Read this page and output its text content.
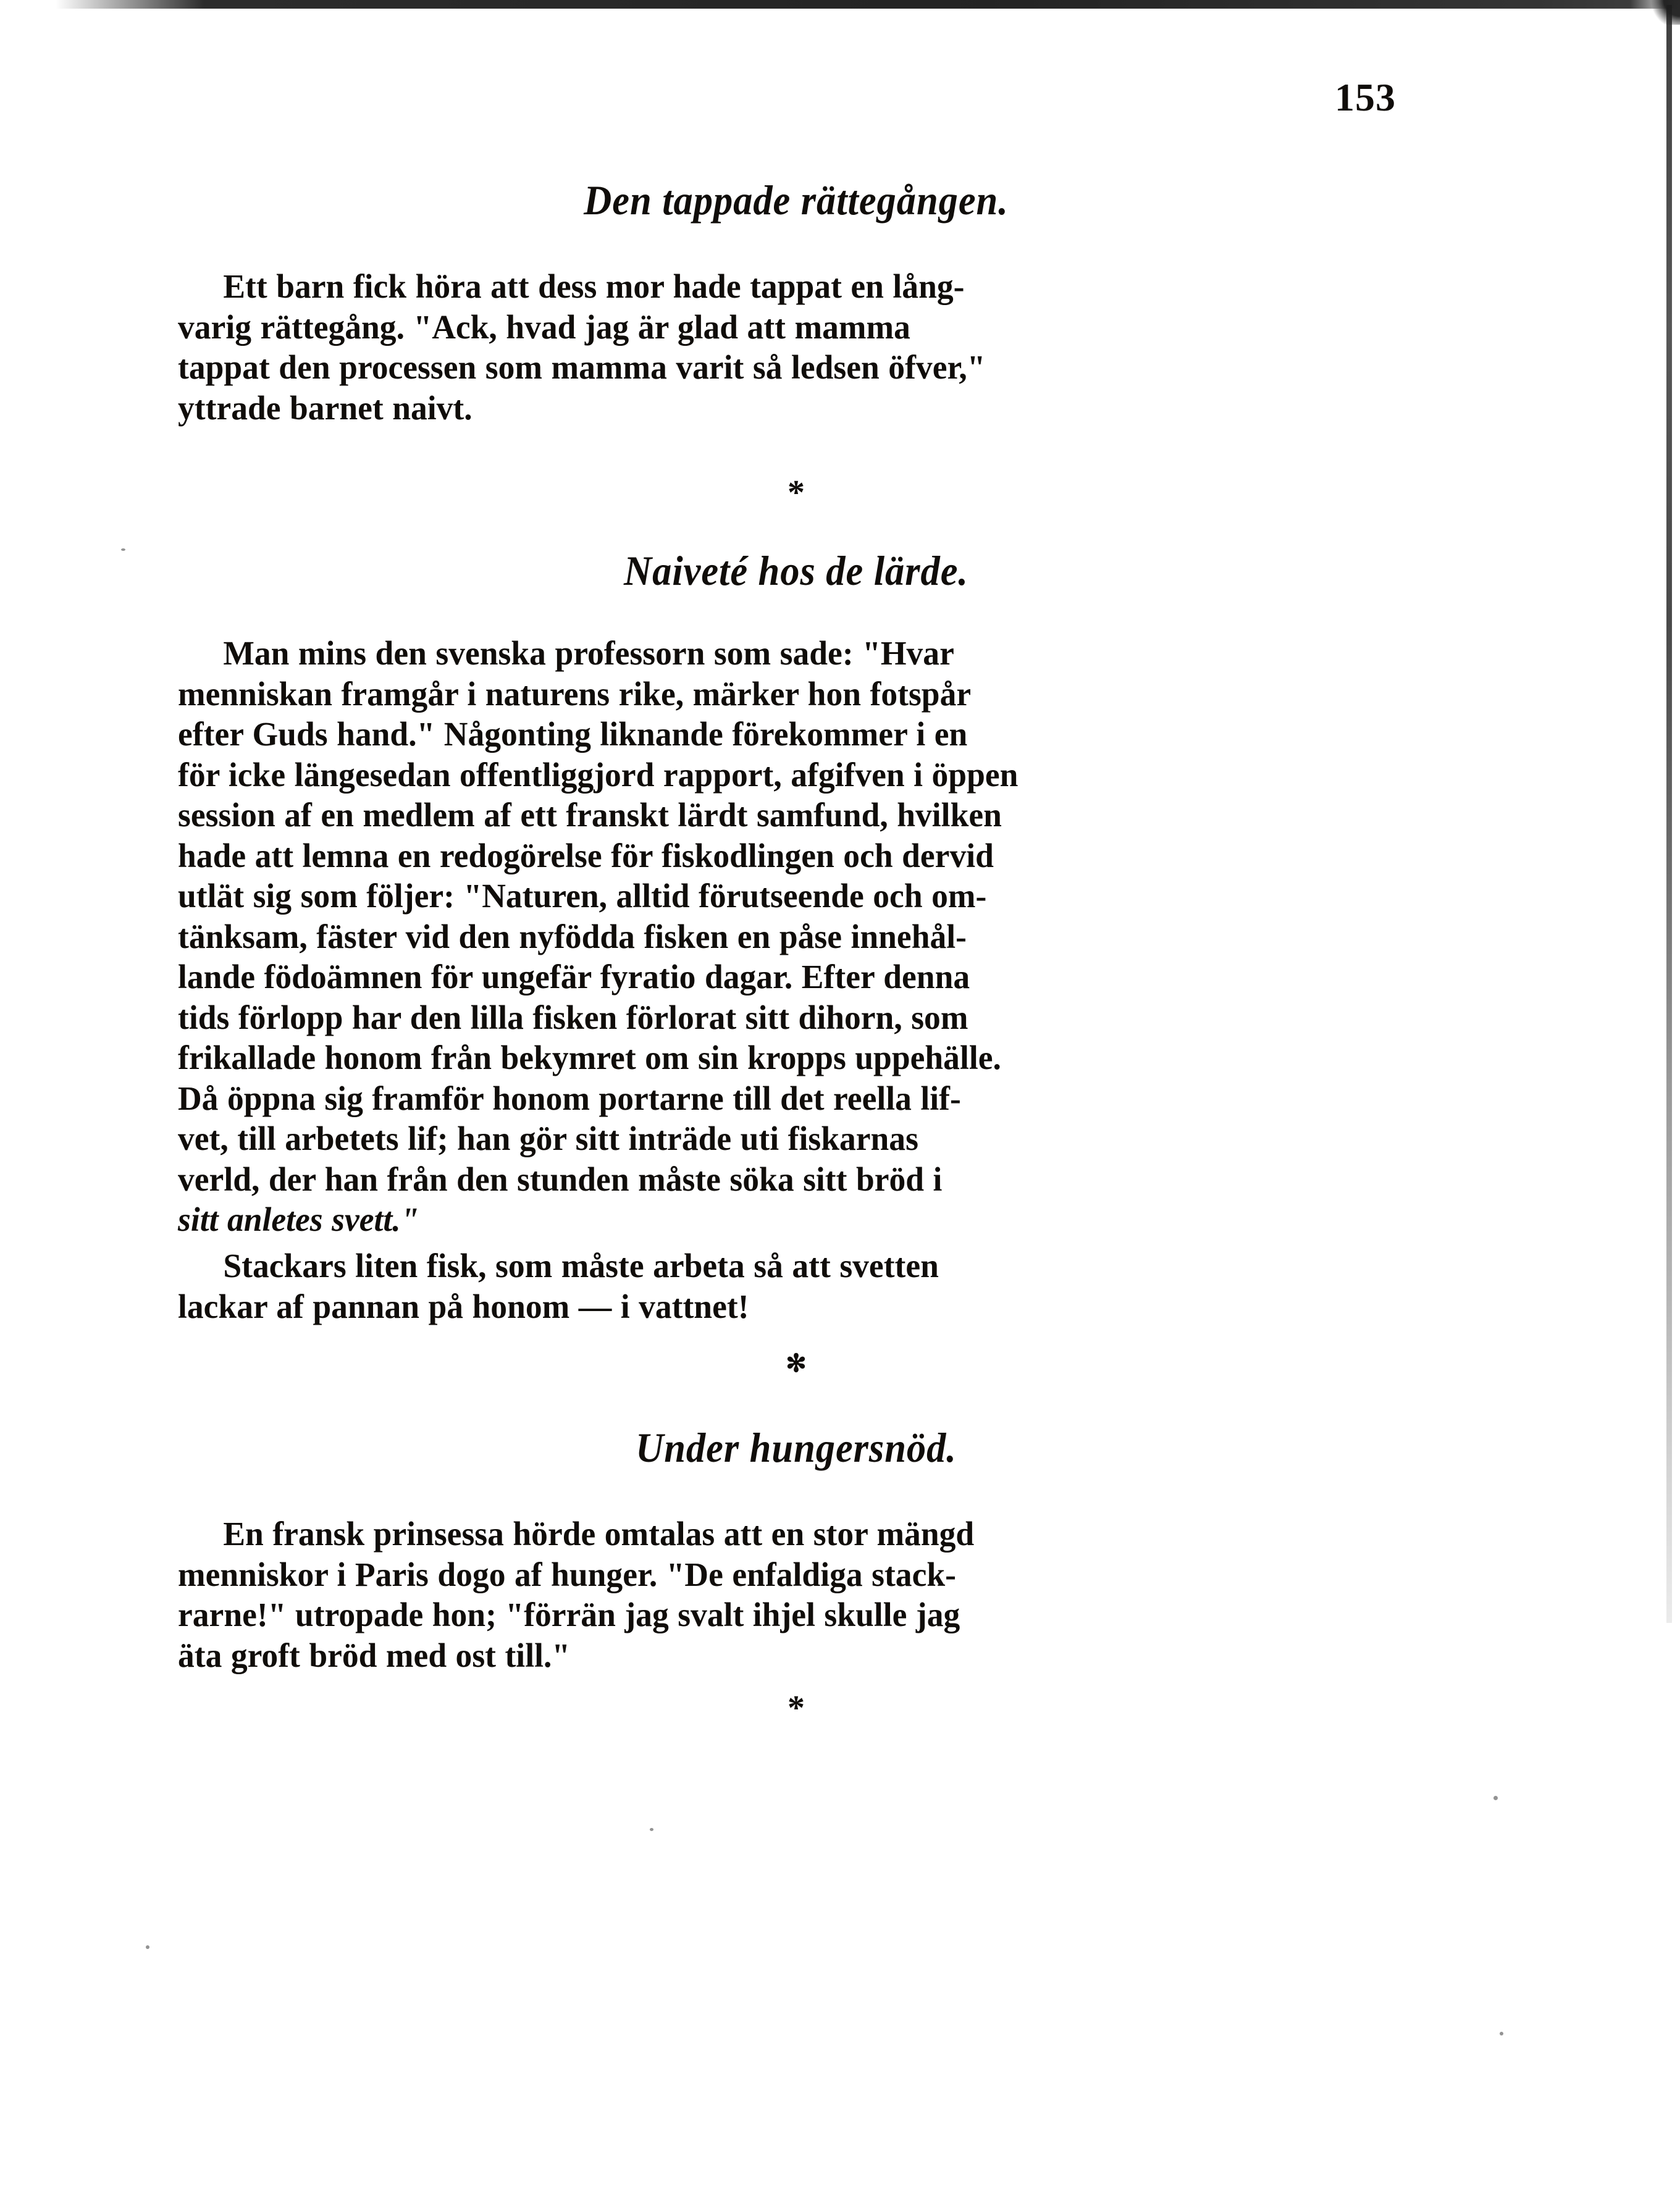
153
Den tappade rättegången.
Ett barn fick höra att dess mor hade tappat en lång-
varig rättegång. "Ack, hvad jag är glad att mamma
tappat den processen som mamma varit så ledsen öfver,"
yttrade barnet naivt.
*
Naiveté hos de lärde.
Man mins den svenska professorn som sade: "Hvar
menniskan framgår i naturens rike, märker hon fotspår
efter Guds hand." Någonting liknande förekommer i en
för icke längesedan offentliggjord rapport, afgifven i öppen
session af en medlem af ett franskt lärdt samfund, hvilken
hade att lemna en redogörelse för fiskodlingen och dervid
utlät sig som följer: "Naturen, alltid förutseende och om-
tänksam, fäster vid den nyfödda fisken en påse innehål-
lande födoämnen för ungefär fyratio dagar. Efter denna
tids förlopp har den lilla fisken förlorat sitt dihorn, som
frikallade honom från bekymret om sin kropps uppehälle.
Då öppna sig framför honom portarne till det reella lif-
vet, till arbetets lif; han gör sitt inträde uti fiskarnas
verld, der han från den stunden måste söka sitt bröd i
sitt anletes svett."
Stackars liten fisk, som måste arbeta så att svetten
lackar af pannan på honom — i vattnet!
✻
Under hungersnöd.
En fransk prinsessa hörde omtalas att en stor mängd
menniskor i Paris dogo af hunger. "De enfaldiga stack-
rarne!" utropade hon; "förrän jag svalt ihjel skulle jag
äta groft bröd med ost till."
*
